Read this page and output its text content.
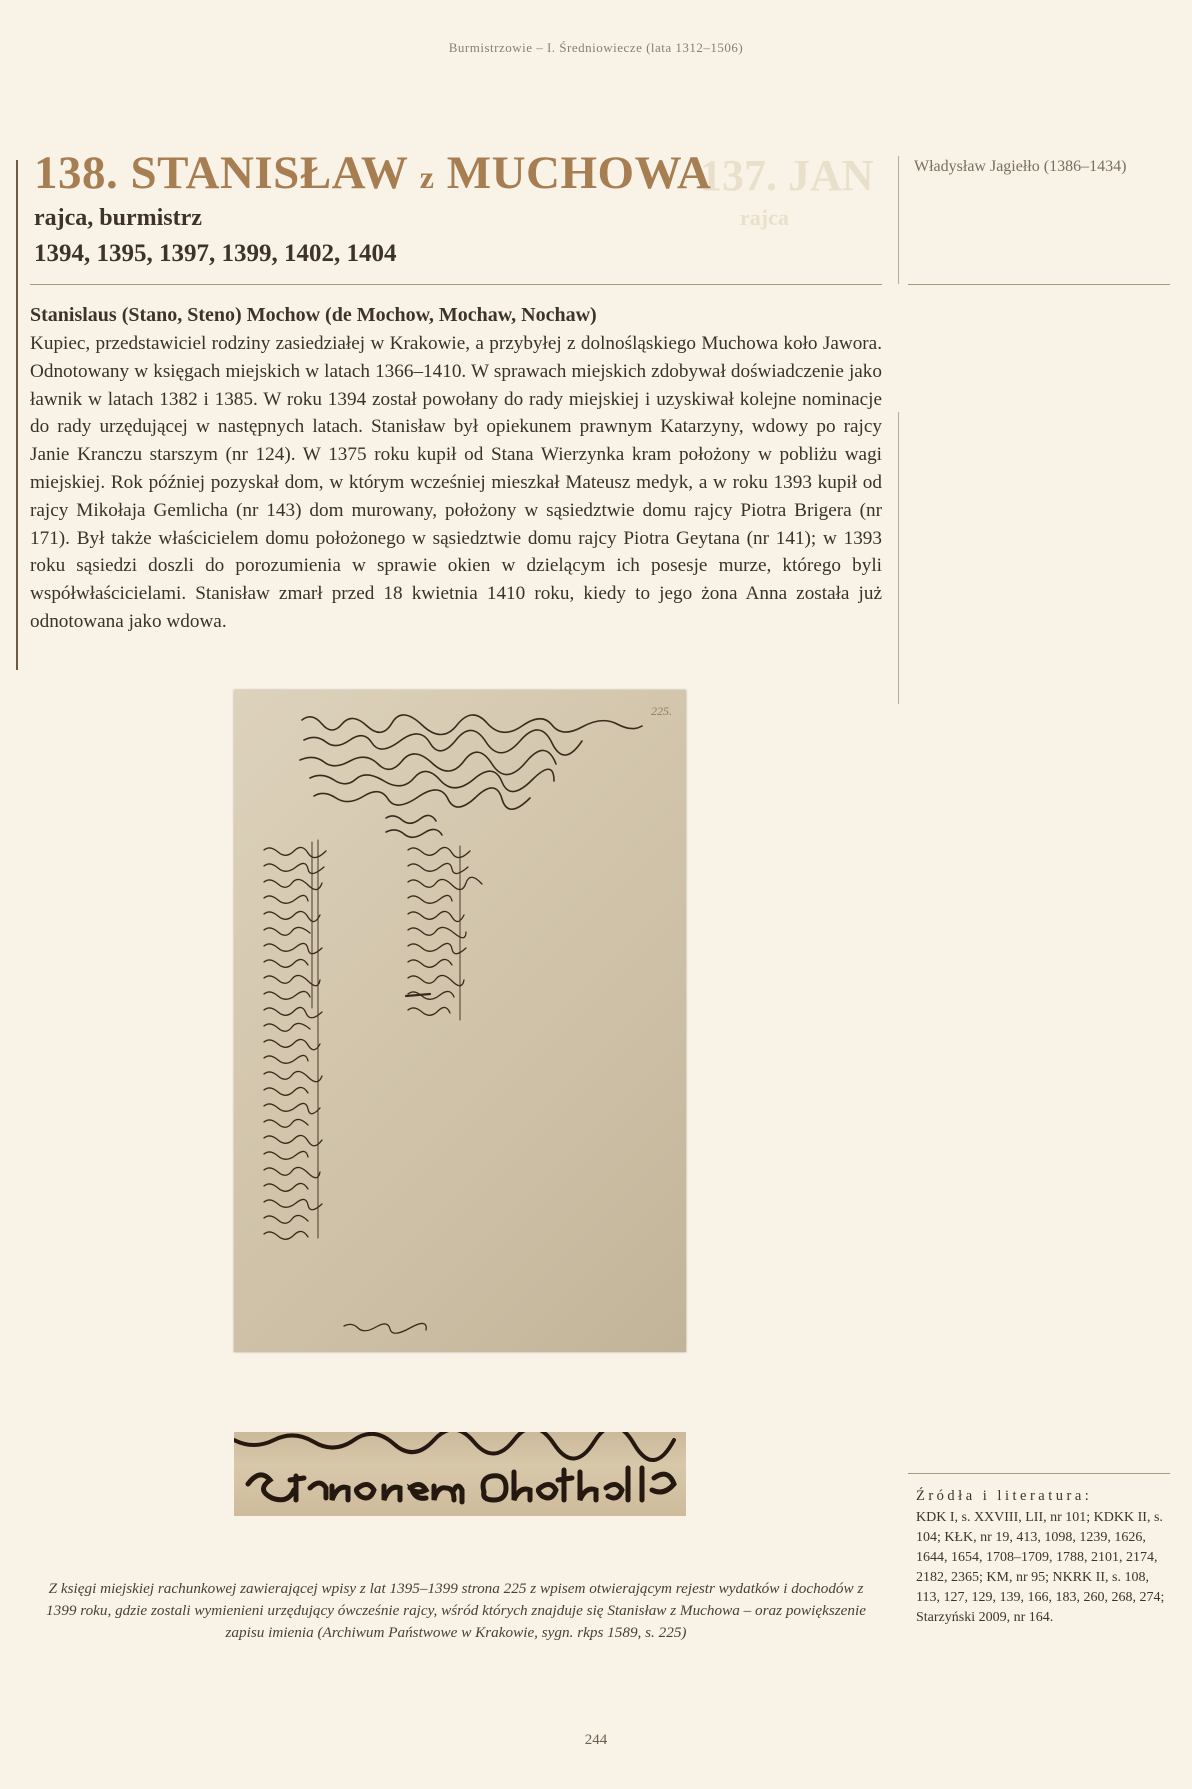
Burmistrzowie – I. Średniowiecze (lata 1312–1506)
137. JAN
rajca
138. STANISŁAW z MUCHOWA
rajca, burmistrz
1394, 1395, 1397, 1399, 1402, 1404
Władysław Jagiełło (1386–1434)
Stanislaus (Stano, Steno) Mochow (de Mochow, Mochaw, Nochaw)

Kupiec, przedstawiciel rodziny zasiedziałej w Krakowie, a przybyłej z dolnośląskiego Muchowa koło Jawora. Odnotowany w księgach miejskich w latach 1366–1410. W sprawach miejskich zdobywał doświadczenie jako ławnik w latach 1382 i 1385. W roku 1394 został powołany do rady miejskiej i uzyskiwał kolejne nominacje do rady urzędującej w następnych latach. Stanisław był opiekunem prawnym Katarzyny, wdowy po rajcy Janie Kranczu starszym (nr 124). W 1375 roku kupił od Stana Wierzynka kram położony w pobliżu wagi miejskiej. Rok później pozyskał dom, w którym wcześniej mieszkał Mateusz medyk, a w roku 1393 kupił od rajcy Mikołaja Gemlicha (nr 143) dom murowany, położony w sąsiedztwie domu rajcy Piotra Brigera (nr 171). Był także właścicielem domu położonego w sąsiedztwie domu rajcy Piotra Geytana (nr 141); w 1393 roku sąsiedzi doszli do porozumienia w sprawie okien w dzielącym ich posesje murze, którego byli współwłaścicielami. Stanisław zmarł przed 18 kwietnia 1410 roku, kiedy to jego żona Anna została już odnotowana jako wdowa.

225.

Z księgi miejskiej rachunkowej zawierającej wpisy z lat 1395–1399 strona 225 z wpisem otwierającym rejestr wydatków i dochodów z 1399 roku, gdzie zostali wymienieni urzędujący ówcześnie rajcy, wśród których znajduje się Stanisław z Muchowa – oraz powiększenie zapisu imienia (Archiwum Państwowe w Krakowie, sygn. rkps 1589, s. 225)

Źródła i literatura:

KDK I, s. XXVIII, LII, nr 101; KDKK II, s. 104; KŁK, nr 19, 413, 1098, 1239, 1626, 1644, 1654, 1708–1709, 1788, 2101, 2174, 2182, 2365; KM, nr 95; NKRK II, s. 108, 113, 127, 129, 139, 166, 183, 260, 268, 274; Starzyński 2009, nr 164.

244
